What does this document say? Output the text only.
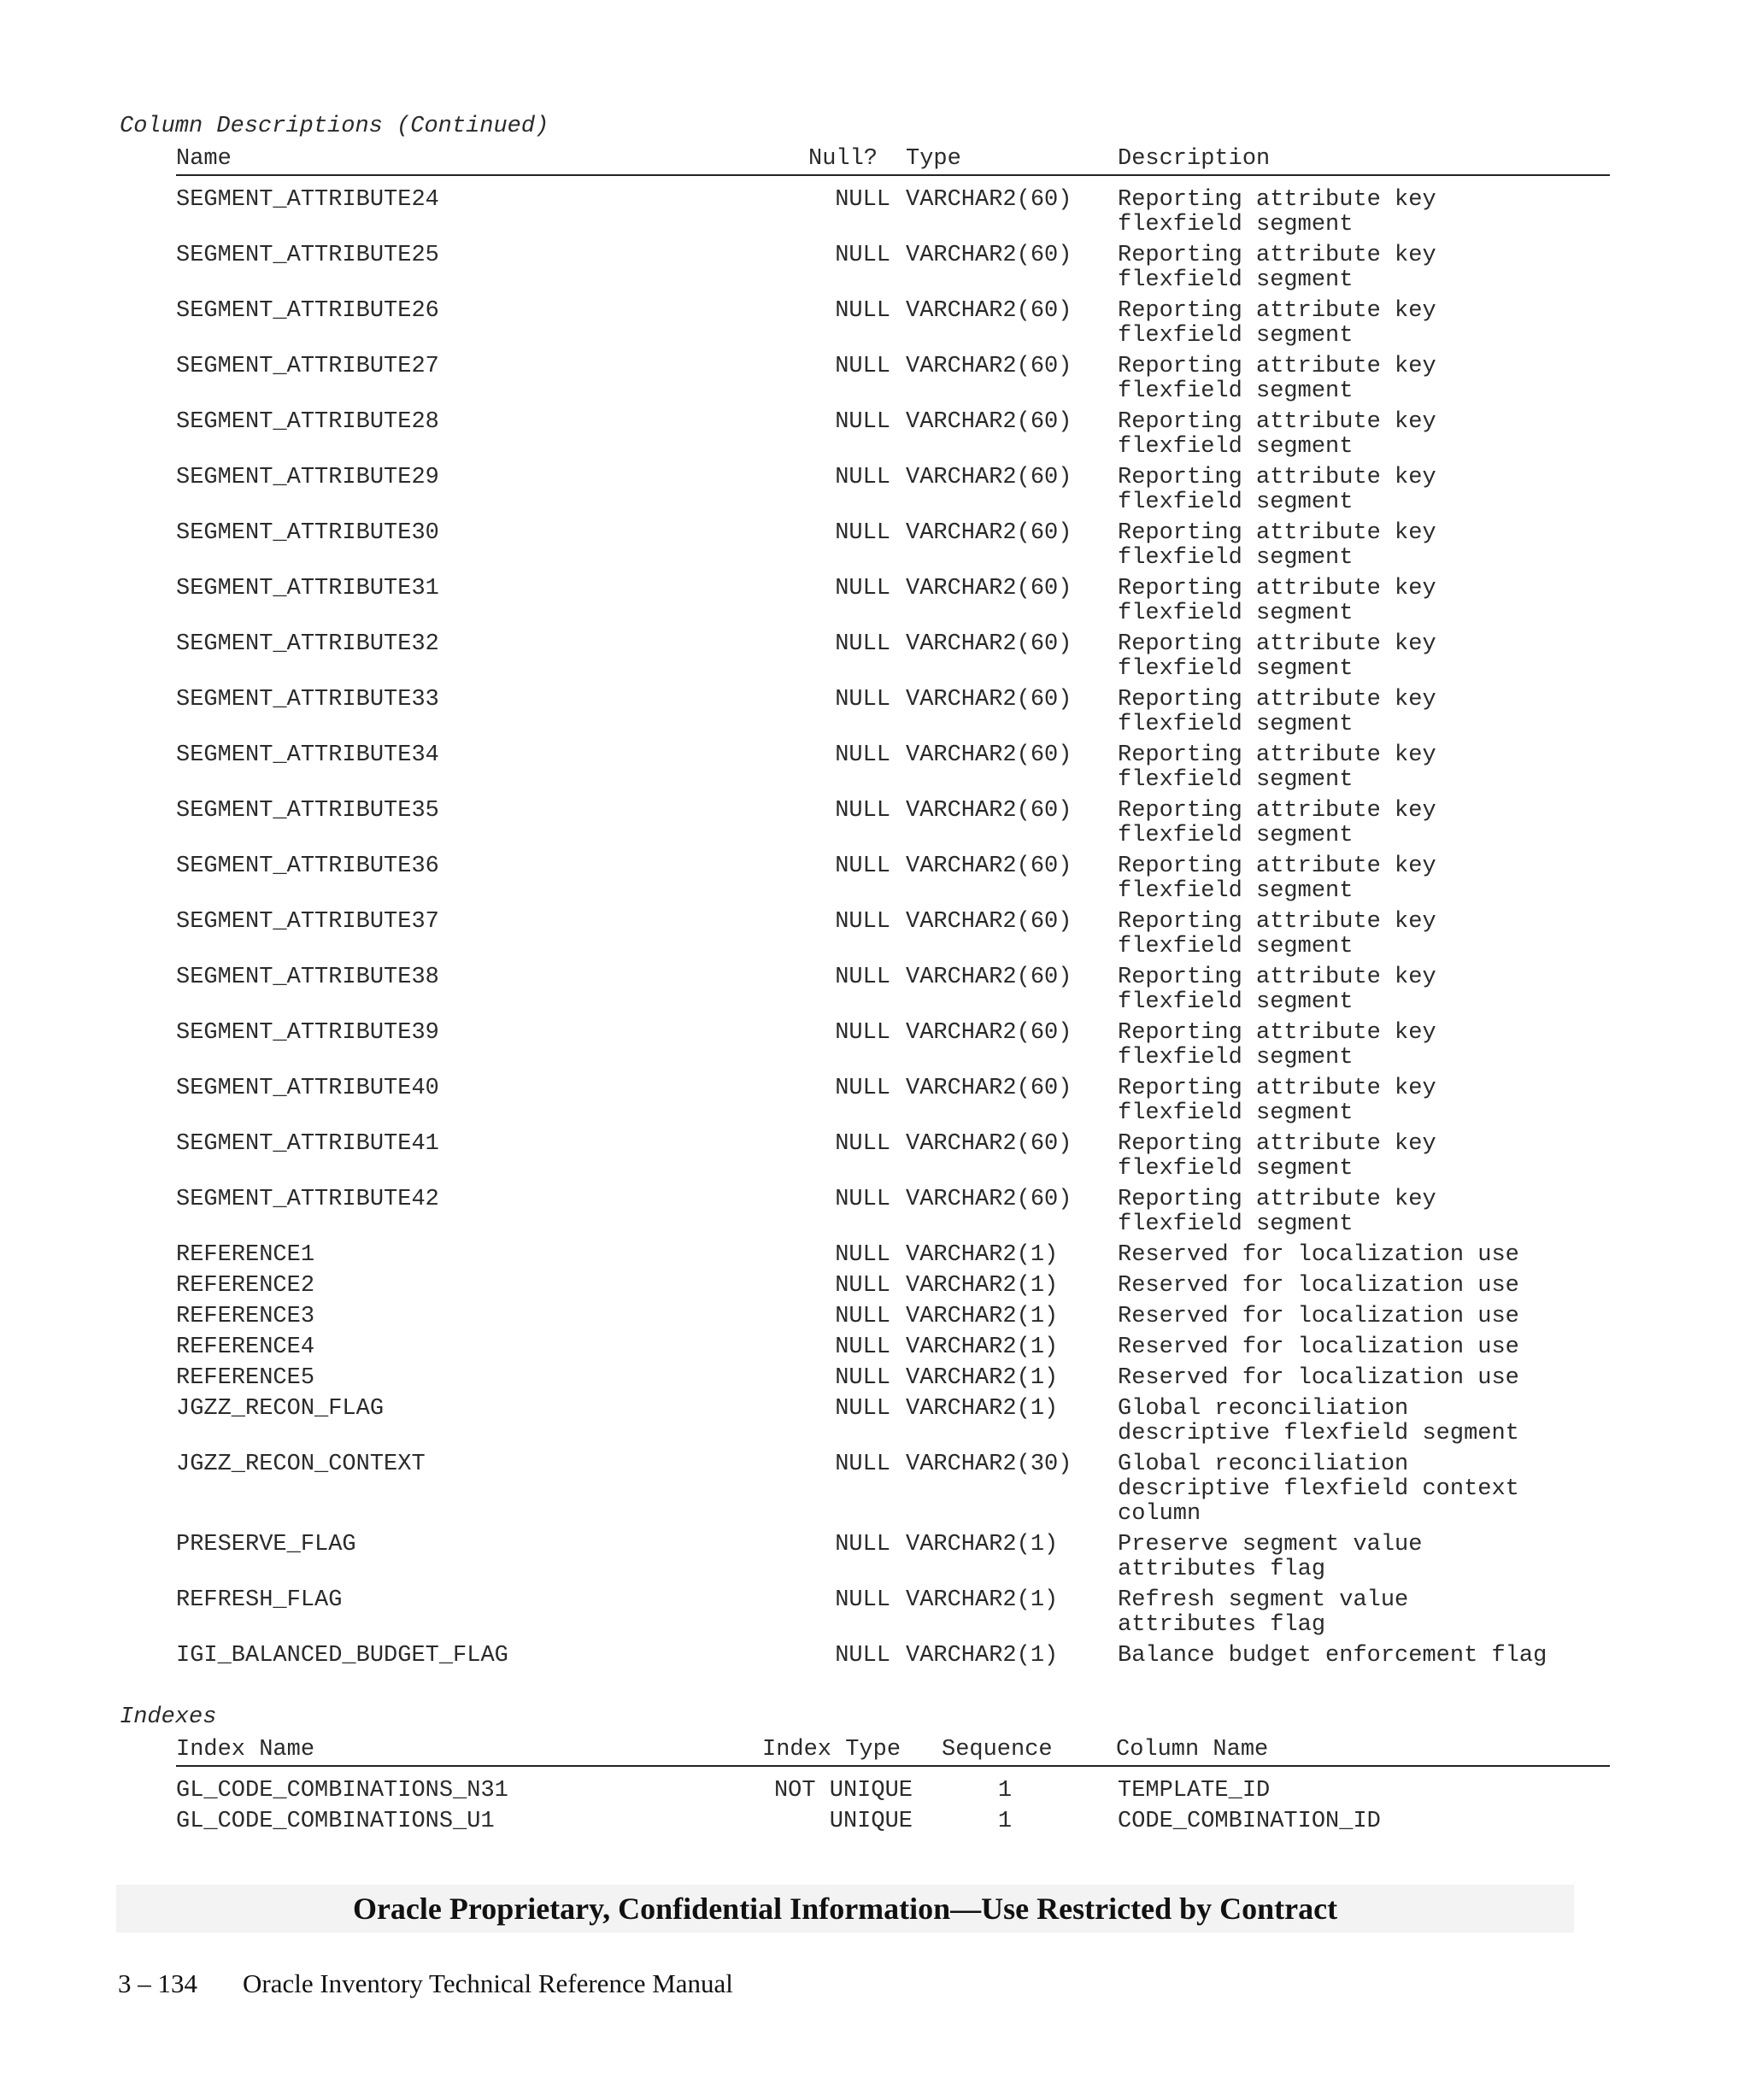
Column Descriptions (Continued)
Name	Null? Type	Description
SEGMENT_ATTRIBUTE24	NULL VARCHAR2(60) Reporting attribute key
flexfield segment
SEGMENT_ATTRIBUTE25	NULL VARCHAR2(60) Reporting attribute key
flexfield segment
SEGMENT_ATTRIBUTE26	NULL VARCHAR2(60) Reporting attribute key
flexfield segment
SEGMENT_ATTRIBUTE27	NULL VARCHAR2(60) Reporting attribute key
flexfield segment
SEGMENT_ATTRIBUTE28	NULL VARCHAR2(60) Reporting attribute key
flexfield segment
SEGMENT_ATTRIBUTE29	NULL VARCHAR2(60) Reporting attribute key
flexfield segment
SEGMENT_ATTRIBUTE30	NULL VARCHAR2(60) Reporting attribute key
flexfield segment
SEGMENT_ATTRIBUTE31	NULL VARCHAR2(60) Reporting attribute key
flexfield segment
SEGMENT_ATTRIBUTE32	NULL VARCHAR2(60) Reporting attribute key
flexfield segment
SEGMENT_ATTRIBUTE33	NULL VARCHAR2(60) Reporting attribute key
flexfield segment
SEGMENT_ATTRIBUTE34	NULL VARCHAR2(60) Reporting attribute key
flexfield segment
SEGMENT_ATTRIBUTE35	NULL VARCHAR2(60) Reporting attribute key
flexfield segment
SEGMENT_ATTRIBUTE36	NULL VARCHAR2(60) Reporting attribute key
flexfield segment
SEGMENT_ATTRIBUTE37	NULL VARCHAR2(60) Reporting attribute key
flexfield segment
SEGMENT_ATTRIBUTE38	NULL VARCHAR2(60) Reporting attribute key
flexfield segment
SEGMENT_ATTRIBUTE39	NULL VARCHAR2(60) Reporting attribute key
flexfield segment
SEGMENT_ATTRIBUTE40	NULL VARCHAR2(60) Reporting attribute key
flexfield segment
SEGMENT_ATTRIBUTE41	NULL VARCHAR2(60) Reporting attribute key
flexfield segment
SEGMENT_ATTRIBUTE42	NULL VARCHAR2(60) Reporting attribute key
flexfield segment
REFERENCE1	NULL VARCHAR2(1)	Reserved for localization use
REFERENCE2	NULL VARCHAR2(1)	Reserved for localization use
REFERENCE3	NULL VARCHAR2(1)	Reserved for localization use
REFERENCE4	NULL VARCHAR2(1)	Reserved for localization use
REFERENCE5	NULL VARCHAR2(1)	Reserved for localization use
JGZZ_RECON_FLAG	NULL VARCHAR2(1)	Global reconciliation
descriptive flexfield segment
JGZZ_RECON_CONTEXT	NULL VARCHAR2(30) Global reconciliation
descriptive flexfield context
column
PRESERVE_FLAG	NULL VARCHAR2(1)	Preserve segment value
attributes flag
REFRESH_FLAG	NULL VARCHAR2(1)	Refresh segment value
attributes flag
IGI_BALANCED_BUDGET_FLAG	NULL VARCHAR2(1)	Balance budget enforcement flag
Indexes
Index Name	Index Type Sequence	Column Name
GL_CODE_COMBINATIONS_N31	NOT UNIQUE	1	TEMPLATE_ID
GL_CODE_COMBINATIONS_U1	UNIQUE	1	CODE_COMBINATION_ID
Oracle Proprietary, Confidential Information––Use Restricted by Contract
3 – 134 Oracle Inventory Technical Reference Manual
